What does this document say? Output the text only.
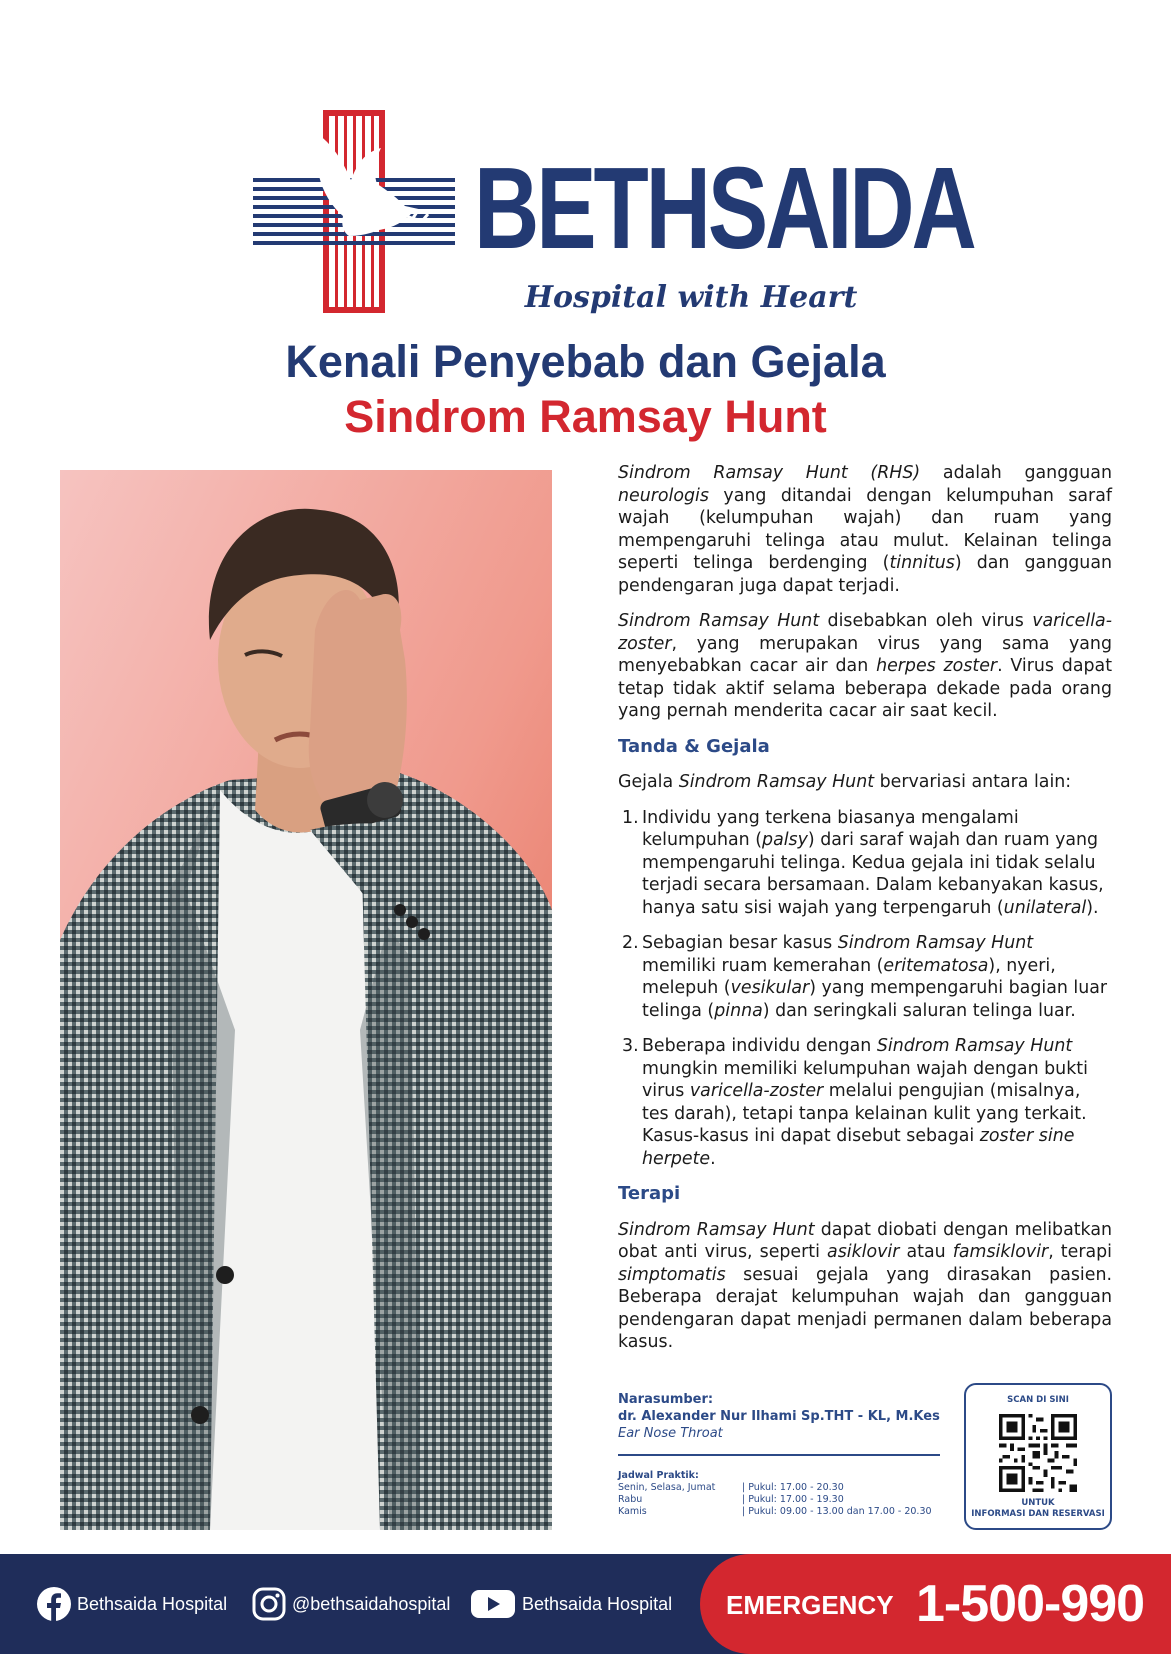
BETHSAIDA
Hospital with Heart
Kenali Penyebab dan Gejala
Sindrom Ramsay Hunt

Sindrom Ramsay Hunt (RHS) adalah gangguan neurologis yang ditandai dengan kelumpuhan saraf wajah (kelumpuhan wajah) dan ruam yang mempengaruhi telinga atau mulut. Kelainan telinga seperti telinga berdenging (tinnitus) dan gangguan pendengaran juga dapat terjadi.

Sindrom Ramsay Hunt disebabkan oleh virus varicella-zoster, yang merupakan virus yang sama yang menyebabkan cacar air dan herpes zoster. Virus dapat tetap tidak aktif selama beberapa dekade pada orang yang pernah menderita cacar air saat kecil.

Tanda & Gejala

Gejala Sindrom Ramsay Hunt bervariasi antara lain:

1. Individu yang terkena biasanya mengalami kelumpuhan (palsy) dari saraf wajah dan ruam yang mempengaruhi telinga. Kedua gejala ini tidak selalu terjadi secara bersamaan. Dalam kebanyakan kasus, hanya satu sisi wajah yang terpengaruh (unilateral).

2. Sebagian besar kasus Sindrom Ramsay Hunt memiliki ruam kemerahan (eritematosa), nyeri, melepuh (vesikular) yang mempengaruhi bagian luar telinga (pinna) dan seringkali saluran telinga luar.

3. Beberapa individu dengan Sindrom Ramsay Hunt mungkin memiliki kelumpuhan wajah dengan bukti virus varicella-zoster melalui pengujian (misalnya, tes darah), tetapi tanpa kelainan kulit yang terkait. Kasus-kasus ini dapat disebut sebagai zoster sine herpete.

Terapi

Sindrom Ramsay Hunt dapat diobati dengan melibatkan obat anti virus, seperti asiklovir atau famsiklovir, terapi simptomatis sesuai gejala yang dirasakan pasien. Beberapa derajat kelumpuhan wajah dan gangguan pendengaran dapat menjadi permanen dalam beberapa kasus.

Narasumber:
dr. Alexander Nur Ilhami Sp.THT - KL, M.Kes
Ear Nose Throat
Jadwal Praktik:
Senin, Selasa, Jumat	| Pukul: 17.00 - 20.30
Rabu	| Pukul: 17.00 - 19.30
Kamis	| Pukul: 09.00 - 13.00 dan 17.00 - 20.30
SCAN DI SINI
UNTUK
INFORMASI DAN RESERVASI
Bethsaida Hospital	@bethsaidahospital	Bethsaida Hospital EMERGENCY 1-500-990
